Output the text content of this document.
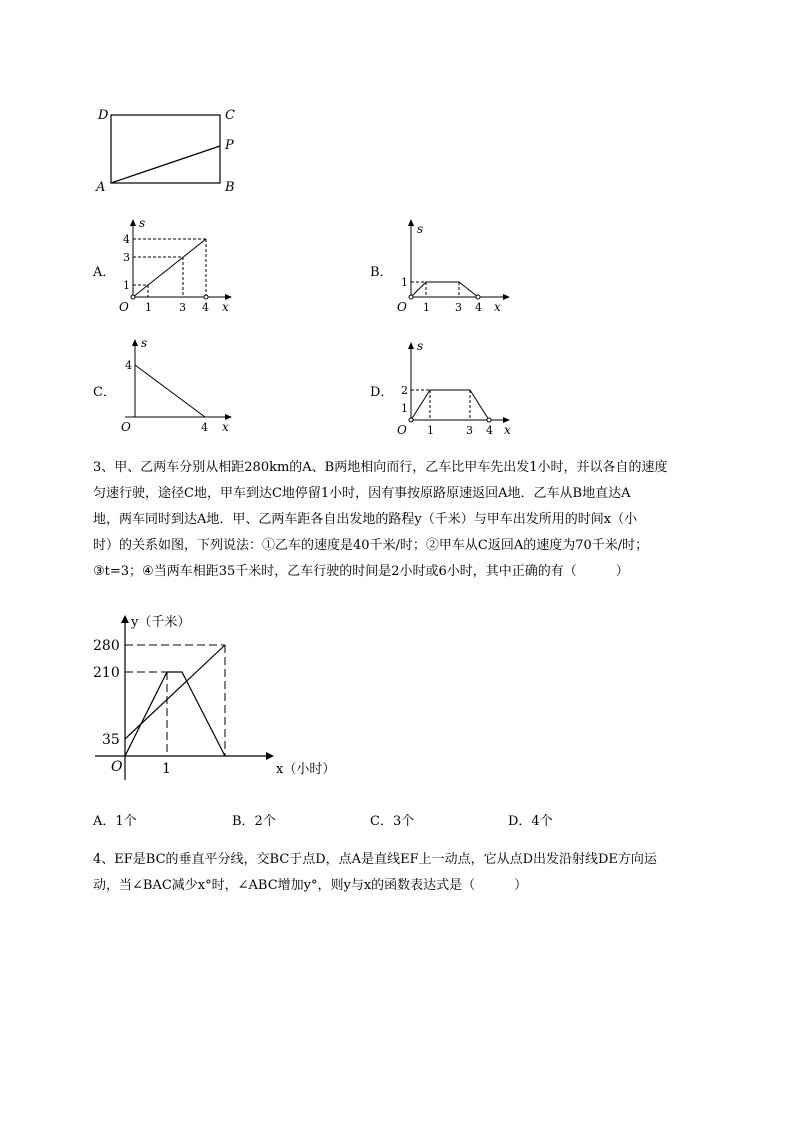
D	C
P
A	B
A．
s
x
O 1 3 4
1
3
4
B．
s
x
O 1 3 4
1
C．
s
x
O	4
4
D．
s
x
O 1	3 4
1
2

3、甲、乙两车分别从相距280km的A、B两地相向而行，乙车比甲车先出发1小时，并以各自的速度

匀速行驶，途径C地，甲车到达C地停留1小时，因有事按原路原速返回A地．乙车从B地直达A

地，两车同时到达A地．甲、乙两车距各自出发地的路程y（千米）与甲车出发所用的时间x（小

时）的关系如图，下列说法：①乙车的速度是40千米/时；②甲车从C返回A的速度为70千米/时；

③t=3；④当两车相距35千米时，乙车行驶的时间是2小时或6小时，其中正确的有（　　　）

y（千米）
x（小时）
O
280
210
35
1
A．1个	B．2个	C．3个	D．4个

4、EF是BC的垂直平分线，交BC于点D，点A是直线EF上一动点，它从点D出发沿射线DE方向运

动，当∠BAC减少x°时，∠ABC增加y°，则y与x的函数表达式是（　　　）
